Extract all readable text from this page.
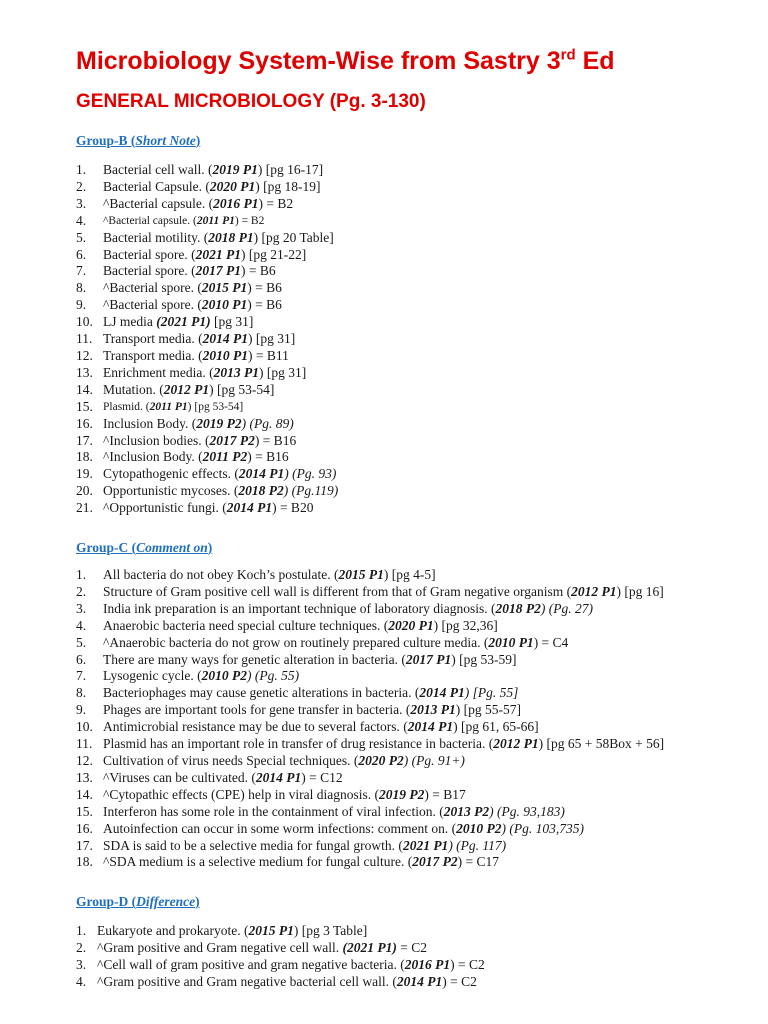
Microbiology System-Wise from Sastry 3rd Ed
GENERAL MICROBIOLOGY (Pg. 3-130)

Group-B (Short Note)

1.	Bacterial cell wall. (2019 P1) [pg 16-17]
2.	Bacterial Capsule. (2020 P1) [pg 18-19]
3.	^Bacterial capsule. (2016 P1) = B2
4.	^Bacterial capsule. (2011 P1) = B2
5.	Bacterial motility. (2018 P1) [pg 20 Table]
6.	Bacterial spore. (2021 P1) [pg 21-22]
7.	Bacterial spore. (2017 P1) = B6
8.	^Bacterial spore. (2015 P1) = B6
9.	^Bacterial spore. (2010 P1) = B6
10. LJ media (2021 P1) [pg 31]
11. Transport media. (2014 P1) [pg 31]
12. Transport media. (2010 P1) = B11
13. Enrichment media. (2013 P1) [pg 31]
14. Mutation. (2012 P1) [pg 53-54]
15. Plasmid. (2011 P1) [pg 53-54]
16. Inclusion Body. (2019 P2) (Pg. 89)
17. ^Inclusion bodies. (2017 P2) = B16
18. ^Inclusion Body. (2011 P2) = B16
19. Cytopathogenic effects. (2014 P1) (Pg. 93)
20. Opportunistic mycoses. (2018 P2) (Pg.119)
21. ^Opportunistic fungi. (2014 P1) = B20

Group-C (Comment on)

1.	All bacteria do not obey Koch’s postulate. (2015 P1) [pg 4-5]
2.	Structure of Gram positive cell wall is different from that of Gram negative organism (2012 P1) [pg 16]
3.	India ink preparation is an important technique of laboratory diagnosis. (2018 P2) (Pg. 27)
4.	Anaerobic bacteria need special culture techniques. (2020 P1) [pg 32,36]
5.	^Anaerobic bacteria do not grow on routinely prepared culture media. (2010 P1) = C4
6.	There are many ways for genetic alteration in bacteria. (2017 P1) [pg 53-59]
7.	Lysogenic cycle. (2010 P2) (Pg. 55)
8.	Bacteriophages may cause genetic alterations in bacteria. (2014 P1) [Pg. 55]
9.	Phages are important tools for gene transfer in bacteria. (2013 P1) [pg 55-57]
10. Antimicrobial resistance may be due to several factors. (2014 P1) [pg 61, 65-66]
11. Plasmid has an important role in transfer of drug resistance in bacteria. (2012 P1) [pg 65 + 58Box + 56]
12. Cultivation of virus needs Special techniques. (2020 P2) (Pg. 91+)
13. ^Viruses can be cultivated. (2014 P1) = C12
14. ^Cytopathic effects (CPE) help in viral diagnosis. (2019 P2) = B17
15. Interferon has some role in the containment of viral infection. (2013 P2) (Pg. 93,183)
16. Autoinfection can occur in some worm infections: comment on. (2010 P2) (Pg. 103,735)
17. SDA is said to be a selective media for fungal growth. (2021 P1) (Pg. 117)
18. ^SDA medium is a selective medium for fungal culture. (2017 P2) = C17

Group-D (Difference)

1. Eukaryote and prokaryote. (2015 P1) [pg 3 Table]
2. ^Gram positive and Gram negative cell wall. (2021 P1) = C2
3. ^Cell wall of gram positive and gram negative bacteria. (2016 P1) = C2
4. ^Gram positive and Gram negative bacterial cell wall. (2014 P1) = C2
